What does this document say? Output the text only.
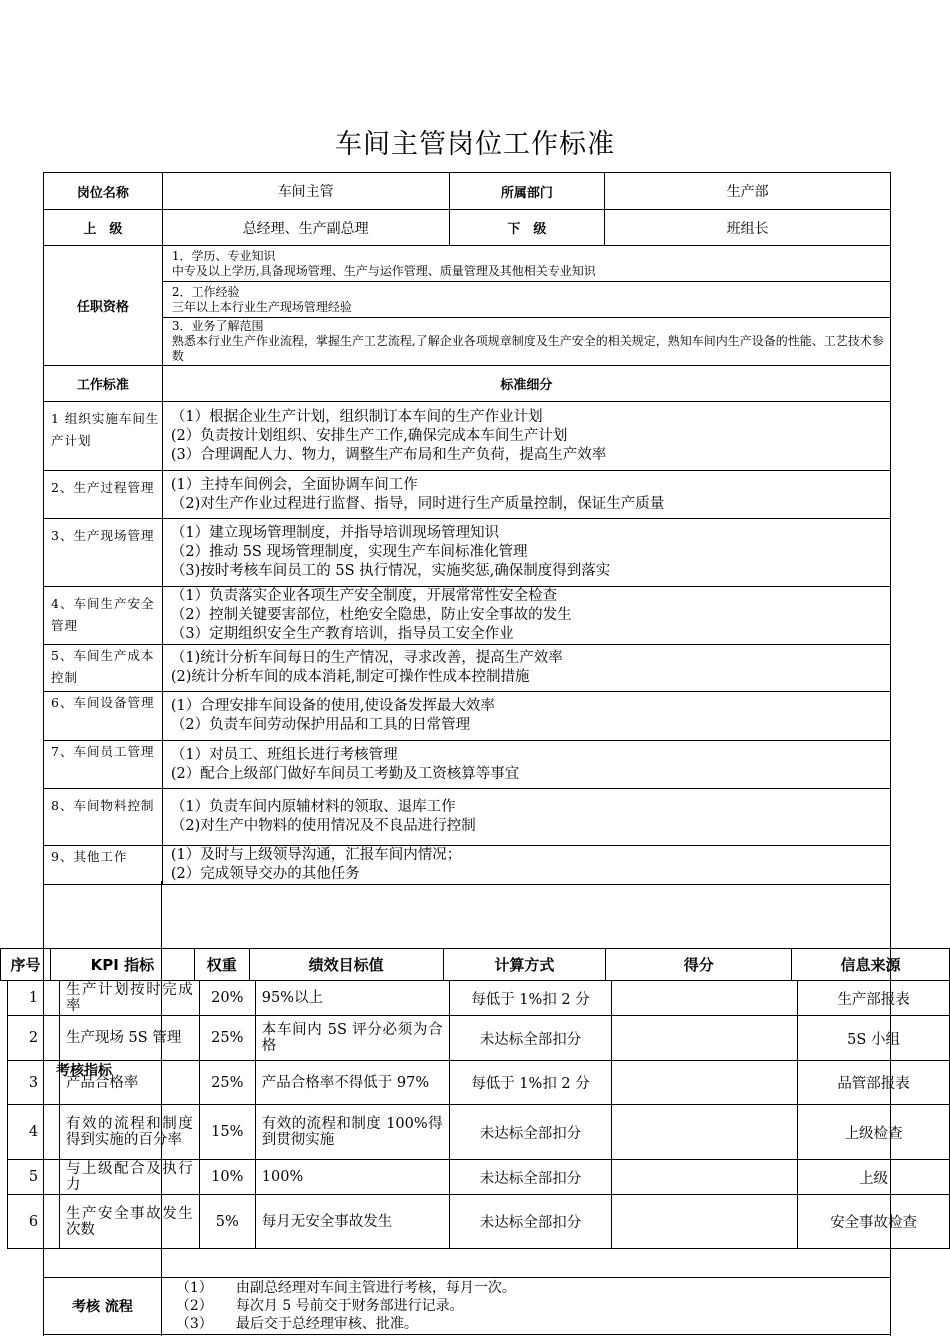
车间主管岗位工作标准
岗位名称	车间主管	所属部门	生产部
上　级	总经理、生产副总理	下　级	班组长
任职资格	1．学历、专业知识
中专及以上学历,具备现场管理、生产与运作管理、质量管理及其他相关专业知识

	2．工作经验
三年以上本行业生产现场管理经验

	3．业务了解范围
熟悉本行业生产作业流程，掌握生产工艺流程,了解企业各项规章制度及生产安全的相关规定，熟知车间内生产设备的性能、工艺技术参数

工作标准	标准细分
1 组织实施车间生产计划	（1）根据企业生产计划，组织制订本车间的生产作业计划
(2）负责按计划组织、安排生产工作,确保完成本车间生产计划
(3）合理调配人力、物力，调整生产布局和生产负荷，提高生产效率

2、生产过程管理	(1）主持车间例会，全面协调车间工作
（2)对生产作业过程进行监督、指导，同时进行生产质量控制，保证生产质量

3、生产现场管理	（1）建立现场管理制度，并指导培训现场管理知识
（2）推动 5S 现场管理制度，实现生产车间标准化管理
（3)按时考核车间员工的 5S 执行情况，实施奖惩,确保制度得到落实

4、车间生产安全管理	（1）负责落实企业各项生产安全制度，开展常常性安全检查
（2）控制关键要害部位，杜绝安全隐患，防止安全事故的发生
（3）定期组织安全生产教育培训，指导员工安全作业

5、车间生产成本控制	（1)统计分析车间每日的生产情况，寻求改善，提高生产效率
(2)统计分析车间的成本消耗,制定可操作性成本控制措施

6、车间设备管理	(1）合理安排车间设备的使用,使设备发挥最大效率
（2）负责车间劳动保护用品和工具的日常管理

7、车间员工管理	（1）对员工、班组长进行考核管理
(2）配合上级部门做好车间员工考勤及工资核算等事宜

8、车间物料控制	（1）负责车间内原辅材料的领取、退库工作
（2)对生产中物料的使用情况及不良品进行控制

9、其他工作	(1）及时与上级领导沟通，汇报车间内情况；
(2）完成领导交办的其他任务
序号	KPI 指标	权重	绩效目标值	计算方式	得分	信息来源
1	生产计划按时完成率	20%	95%以上	每低于 1%扣 2 分		生产部报表
2	生产现场 5S 管理	25%	本车间内 5S 评分必须为合格	未达标全部扣分		5S 小组
3	产品合格率	25%	产品合格率不得低于 97%	每低于 1%扣 2 分		品管部报表
4	有效的流程和制度得到实施的百分率	15%	有效的流程和制度 100%得到贯彻实施	未达标全部扣分		上级检查
5	与上级配合及执行力	10%	100%	未达标全部扣分		上级
6	生产安全事故发生次数	5%	每月无安全事故发生	未达标全部扣分		安全事故检查
考核指标
考核 流程	
（1） 由副总经理对车间主管进行考核，每月一次。
（2） 每次月 5 号前交于财务部进行记录。
（3） 最后交于总经理审核、批准。
